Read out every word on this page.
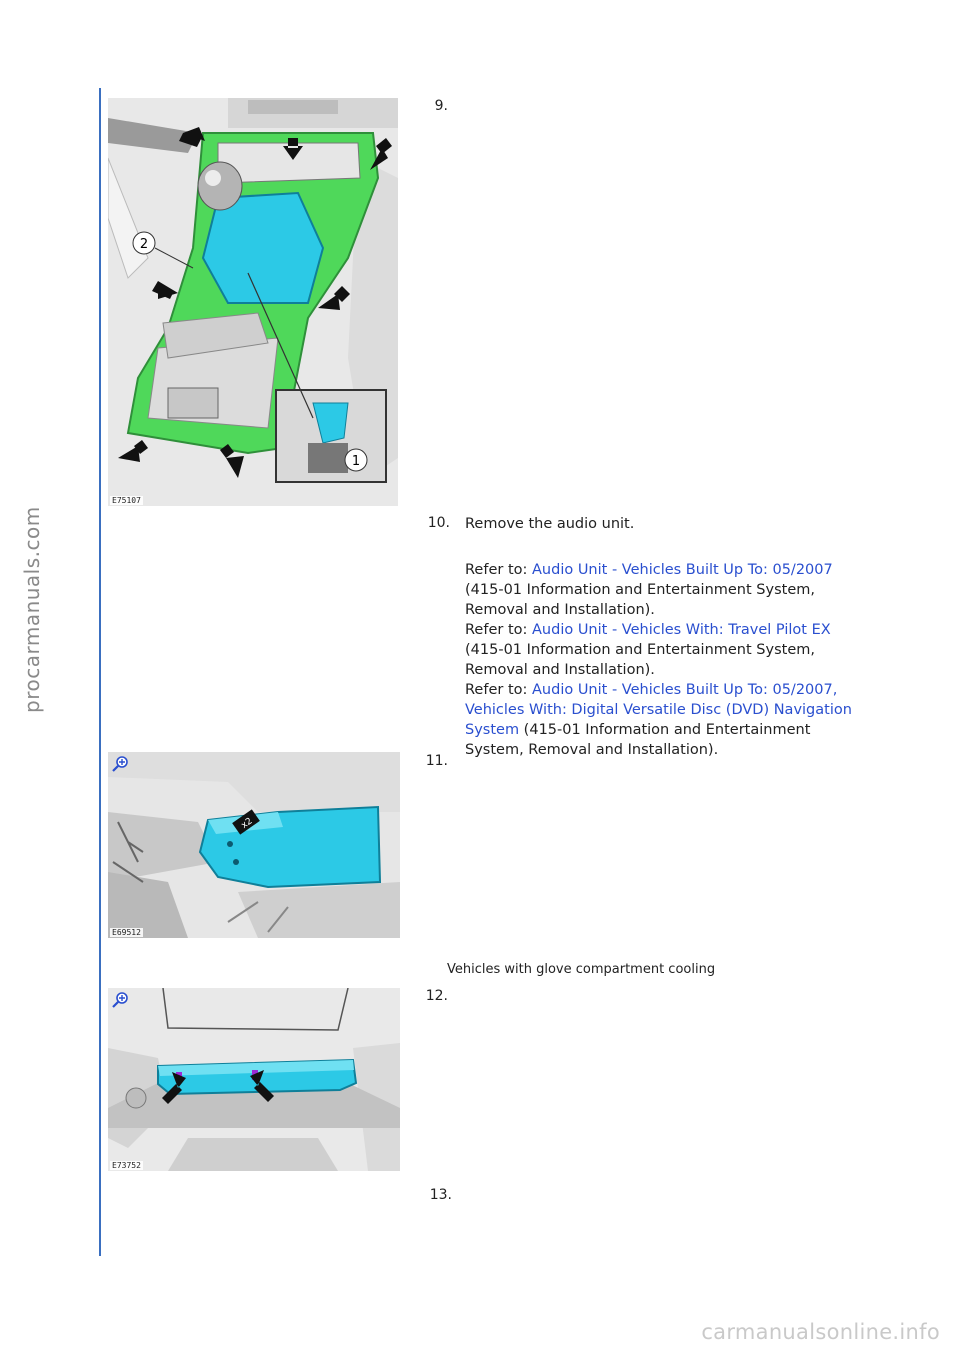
procarmanuals.com
2
1
E75107
9.
10. Remove the audio unit.
Refer to: Audio Unit - Vehicles Built Up To: 05/2007
(415-01 Information and Entertainment System,
Removal and Installation).
Refer to: Audio Unit - Vehicles With: Travel Pilot EX
(415-01 Information and Entertainment System,
Removal and Installation).
Refer to: Audio Unit - Vehicles Built Up To: 05/2007,
Vehicles With: Digital Versatile Disc (DVD) Navigation
System (415-01 Information and Entertainment
System, Removal and Installation).
x2
E69512
11.
Vehicles with glove compartment cooling
E73752
12.
13.
carmanualsonline.info
